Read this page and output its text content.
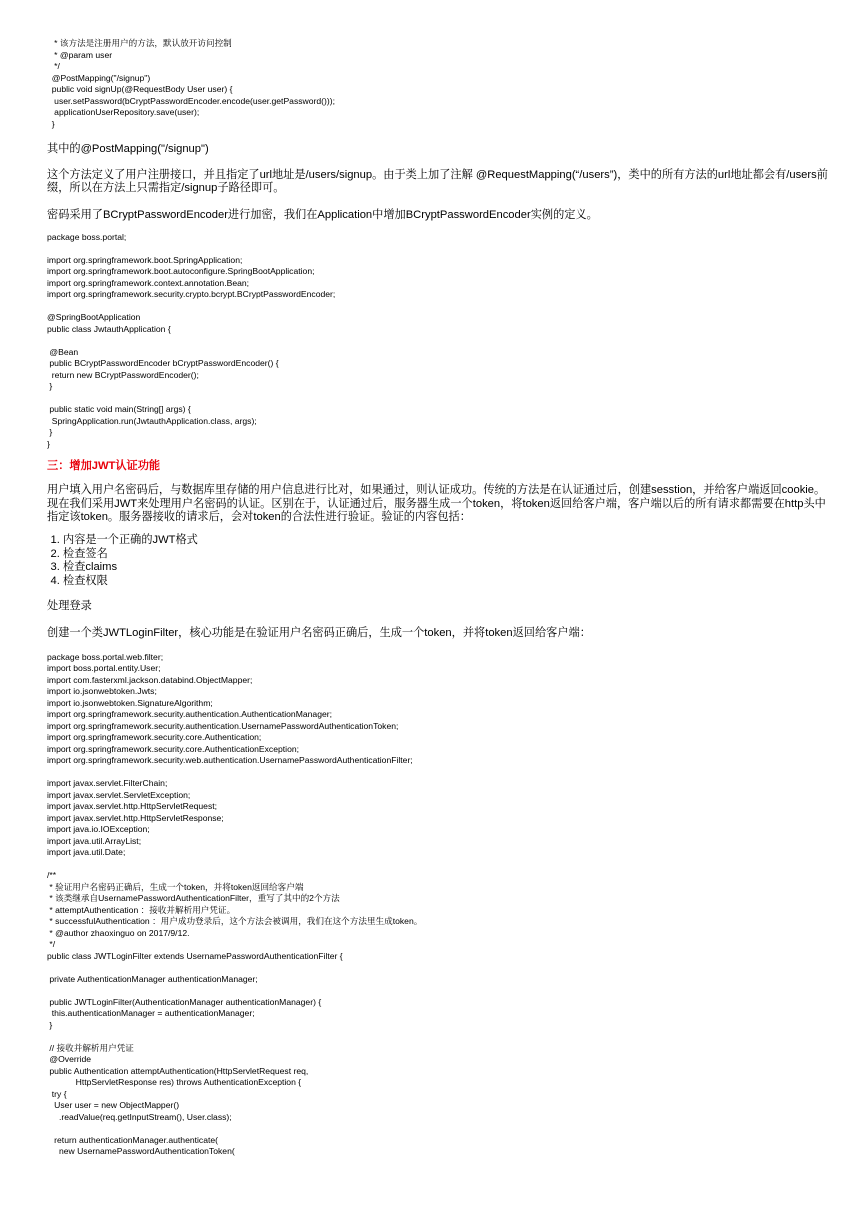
* 该方法是注册用户的方法，默认放开访问控制
* @param user
*/
@PostMapping("/signup")
public void signUp(@RequestBody User user) {
user.setPassword(bCryptPasswordEncoder.encode(user.getPassword()));
applicationUserRepository.save(user);
}

其中的@PostMapping("/signup")

这个方法定义了用户注册接口，并且指定了url地址是/users/signup。由于类上加了注解 @RequestMapping(“/users”)，类中的所有方法的url地址都会有/users前缀，所以在方法上只需指定/signup子路径即可。

密码采用了BCryptPasswordEncoder进行加密，我们在Application中增加BCryptPasswordEncoder实例的定义。

package boss.portal;
import org.springframework.boot.SpringApplication;
import org.springframework.boot.autoconfigure.SpringBootApplication;
import org.springframework.context.annotation.Bean;
import org.springframework.security.crypto.bcrypt.BCryptPasswordEncoder;
@SpringBootApplication
public class JwtauthApplication {
@Bean
public BCryptPasswordEncoder bCryptPasswordEncoder() {
return new BCryptPasswordEncoder();
}
public static void main(String[] args) {
SpringApplication.run(JwtauthApplication.class, args);
}
}

三：增加JWT认证功能

用户填入用户名密码后，与数据库里存储的用户信息进行比对，如果通过，则认证成功。传统的方法是在认证通过后，创建sesstion，并给客户端返回cookie。现在我们采用JWT来处理用户名密码的认证。区别在于，认证通过后，服务器生成一个token，将token返回给客户端，客户端以后的所有请求都需要在http头中指定该token。服务器接收的请求后，会对token的合法性进行验证。验证的内容包括：

1. 内容是一个正确的JWT格式
2. 检查签名
3. 检查claims
4. 检查权限

处理登录

创建一个类JWTLoginFilter，核心功能是在验证用户名密码正确后，生成一个token，并将token返回给客户端：

package boss.portal.web.filter;
import boss.portal.entity.User;
import com.fasterxml.jackson.databind.ObjectMapper;
import io.jsonwebtoken.Jwts;
import io.jsonwebtoken.SignatureAlgorithm;
import org.springframework.security.authentication.AuthenticationManager;
import org.springframework.security.authentication.UsernamePasswordAuthenticationToken;
import org.springframework.security.core.Authentication;
import org.springframework.security.core.AuthenticationException;
import org.springframework.security.web.authentication.UsernamePasswordAuthenticationFilter;
import javax.servlet.FilterChain;
import javax.servlet.ServletException;
import javax.servlet.http.HttpServletRequest;
import javax.servlet.http.HttpServletResponse;
import java.io.IOException;
import java.util.ArrayList;
import java.util.Date;
/**
* 验证用户名密码正确后，生成一个token，并将token返回给客户端
* 该类继承自UsernamePasswordAuthenticationFilter，重写了其中的2个方法
* attemptAuthentication ：接收并解析用户凭证。
* successfulAuthentication ：用户成功登录后，这个方法会被调用，我们在这个方法里生成token。
* @author zhaoxinguo on 2017/9/12.
*/
public class JWTLoginFilter extends UsernamePasswordAuthenticationFilter {
private AuthenticationManager authenticationManager;
public JWTLoginFilter(AuthenticationManager authenticationManager) {
this.authenticationManager = authenticationManager;
}
// 接收并解析用户凭证
@Override
public Authentication attemptAuthentication(HttpServletRequest req,
HttpServletResponse res) throws AuthenticationException {
try {
User user = new ObjectMapper()
.readValue(req.getInputStream(), User.class);
return authenticationManager.authenticate(
new UsernamePasswordAuthenticationToken(
